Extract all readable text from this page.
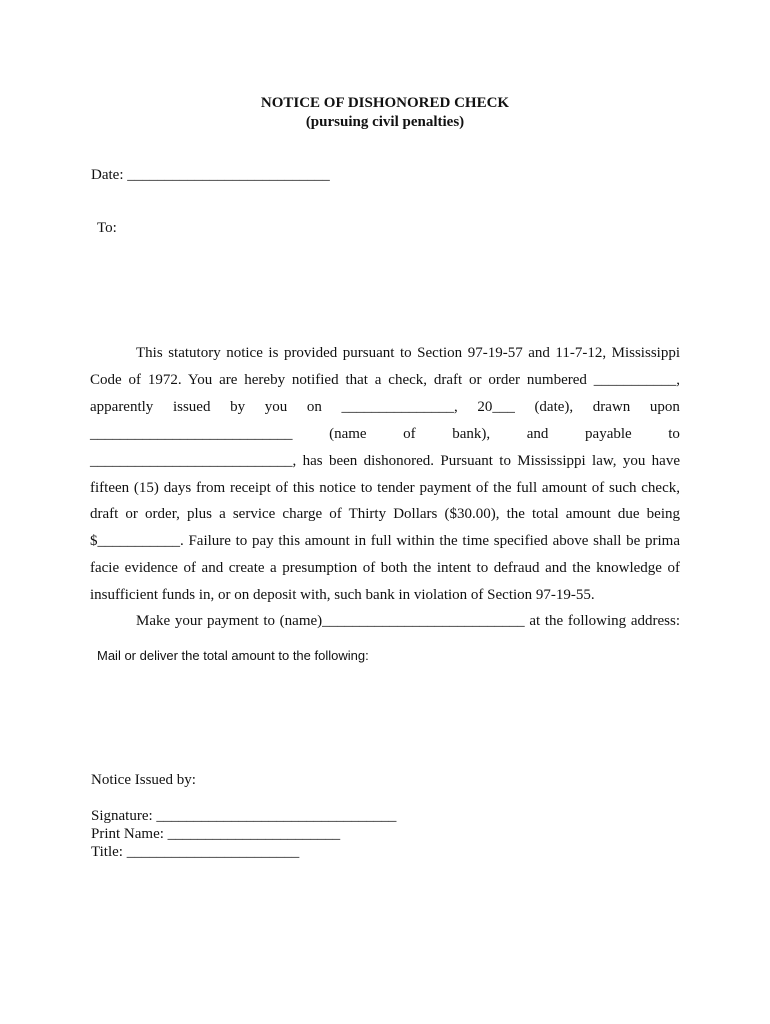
NOTICE OF DISHONORED CHECK
(pursuing civil penalties)
Date: ___________________________
To:
This statutory notice is provided pursuant to Section 97-19-57 and 11-7-12, Mississippi
Code of 1972. You are hereby notified that a check, draft or order numbered ___________,
apparently issued by you on _______________, 20___ (date), drawn upon
___________________________ (name of bank), and payable to
___________________________, has been dishonored. Pursuant to Mississippi law, you have
fifteen (15) days from receipt of this notice to tender payment of the full amount of such check,
draft or order, plus a service charge of Thirty Dollars ($30.00), the total amount due being
$___________. Failure to pay this amount in full within the time specified above shall be prima
facie evidence of and create a presumption of both the intent to defraud and the knowledge of
insufficient funds in, or on deposit with, such bank in violation of Section 97-19-55.
Make your payment to (name)___________________________ at the following address:
Mail or deliver the total amount to the following:
Notice Issued by:
Signature: ________________________________
Print Name: _______________________
Title: _______________________
